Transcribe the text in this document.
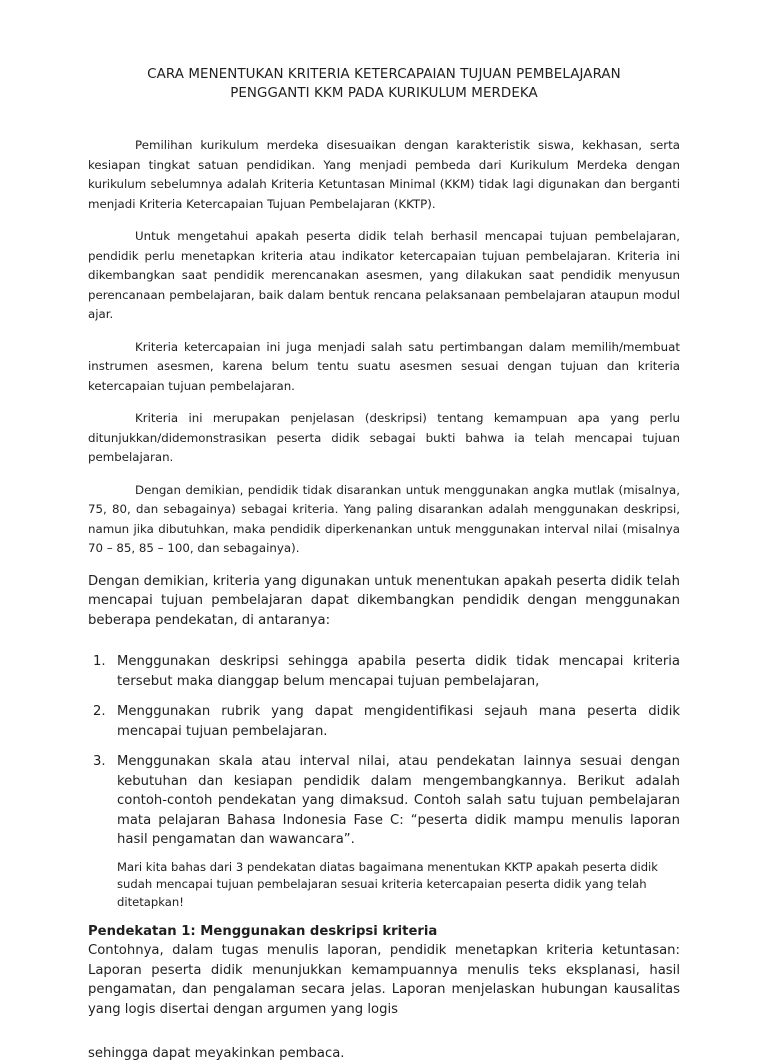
CARA MENENTUKAN KRITERIA KETERCAPAIAN TUJUAN PEMBELAJARAN
PENGGANTI KKM PADA KURIKULUM MERDEKA

Pemilihan kurikulum merdeka disesuaikan dengan karakteristik siswa, kekhasan, serta kesiapan tingkat satuan pendidikan. Yang menjadi pembeda dari Kurikulum Merdeka dengan kurikulum sebelumnya adalah Kriteria Ketuntasan Minimal (KKM) tidak lagi digunakan dan berganti menjadi Kriteria Ketercapaian Tujuan Pembelajaran (KKTP).

Untuk mengetahui apakah peserta didik telah berhasil mencapai tujuan pembelajaran, pendidik perlu menetapkan kriteria atau indikator ketercapaian tujuan pembelajaran. Kriteria ini dikembangkan saat pendidik merencanakan asesmen, yang dilakukan saat pendidik menyusun perencanaan pembelajaran, baik dalam bentuk rencana pelaksanaan pembelajaran ataupun modul ajar.

Kriteria ketercapaian ini juga menjadi salah satu pertimbangan dalam memilih/membuat instrumen asesmen, karena belum tentu suatu asesmen sesuai dengan tujuan dan kriteria ketercapaian tujuan pembelajaran.

Kriteria ini merupakan penjelasan (deskripsi) tentang kemampuan apa yang perlu ditunjukkan/didemonstrasikan peserta didik sebagai bukti bahwa ia telah mencapai tujuan pembelajaran.

Dengan demikian, pendidik tidak disarankan untuk menggunakan angka mutlak (misalnya, 75, 80, dan sebagainya) sebagai kriteria. Yang paling disarankan adalah menggunakan deskripsi, namun jika dibutuhkan, maka pendidik diperkenankan untuk menggunakan interval nilai (misalnya 70 – 85, 85 – 100, dan sebagainya).

Dengan demikian, kriteria yang digunakan untuk menentukan apakah peserta didik telah mencapai tujuan pembelajaran dapat dikembangkan pendidik dengan menggunakan beberapa pendekatan, di antaranya:

1. Menggunakan deskripsi sehingga apabila peserta didik tidak mencapai kriteria tersebut maka dianggap belum mencapai tujuan pembelajaran,
2. Menggunakan rubrik yang dapat mengidentifikasi sejauh mana peserta didik mencapai tujuan pembelajaran.
3. Menggunakan skala atau interval nilai, atau pendekatan lainnya sesuai dengan kebutuhan dan kesiapan pendidik dalam mengembangkannya. Berikut adalah contoh-contoh pendekatan yang dimaksud. Contoh salah satu tujuan pembelajaran mata pelajaran Bahasa Indonesia Fase C: “peserta didik mampu menulis laporan hasil pengamatan dan wawancara”.

Mari kita bahas dari 3 pendekatan diatas bagaimana menentukan KKTP apakah peserta didik sudah mencapai tujuan pembelajaran sesuai kriteria ketercapaian peserta didik yang telah ditetapkan!

Pendekatan 1: Menggunakan deskripsi kriteria

Contohnya, dalam tugas menulis laporan, pendidik menetapkan kriteria ketuntasan: Laporan peserta didik menunjukkan kemampuannya menulis teks eksplanasi, hasil pengamatan, dan pengalaman secara jelas. Laporan menjelaskan hubungan kausalitas yang logis disertai dengan argumen yang logis

sehingga dapat meyakinkan pembaca.
